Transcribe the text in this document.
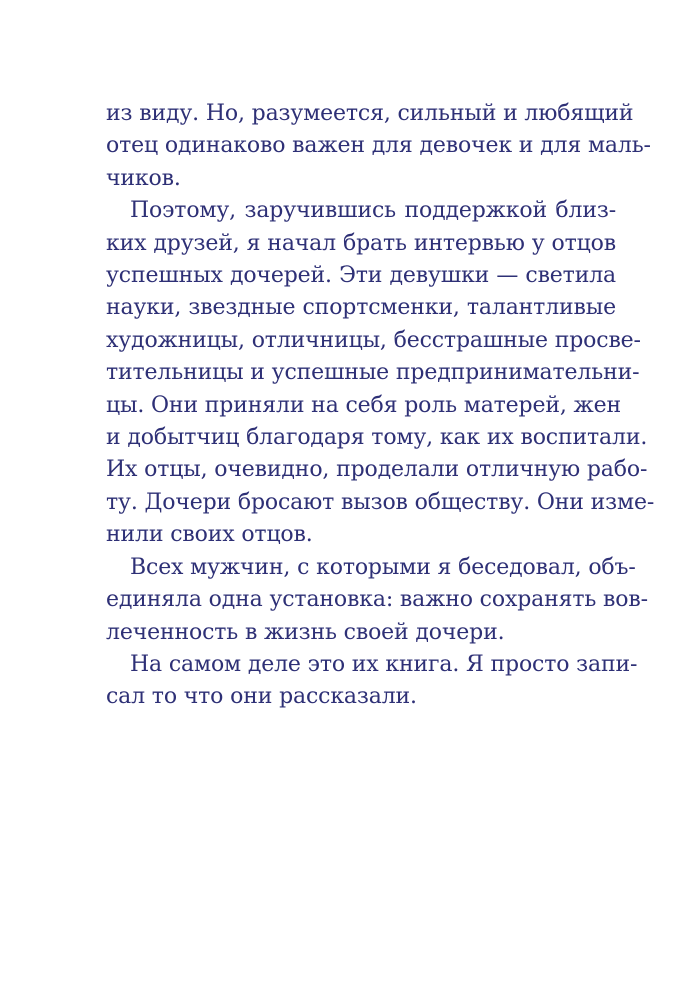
из виду. Но, разумеется, сильный и любящий
отец одинаково важен для девочек и для маль-
чиков.
Поэтому, заручившись поддержкой близ-
ких друзей, я начал брать интервью у отцов
успешных дочерей. Эти девушки — светила
науки, звездные спортсменки, талантливые
художницы, отличницы, бесстрашные просве-
тительницы и успешные предпринимательни-
цы. Они приняли на себя роль матерей, жен
и добытчиц благодаря тому, как их воспитали.
Их отцы, очевидно, проделали отличную рабо-
ту. Дочери бросают вызов обществу. Они изме-
нили своих отцов.
Всех мужчин, с которыми я беседовал, объ-
единяла одна установка: важно сохранять вов-
леченность в жизнь своей дочери.
На самом деле это их книга. Я просто запи-
сал то что они рассказали.
